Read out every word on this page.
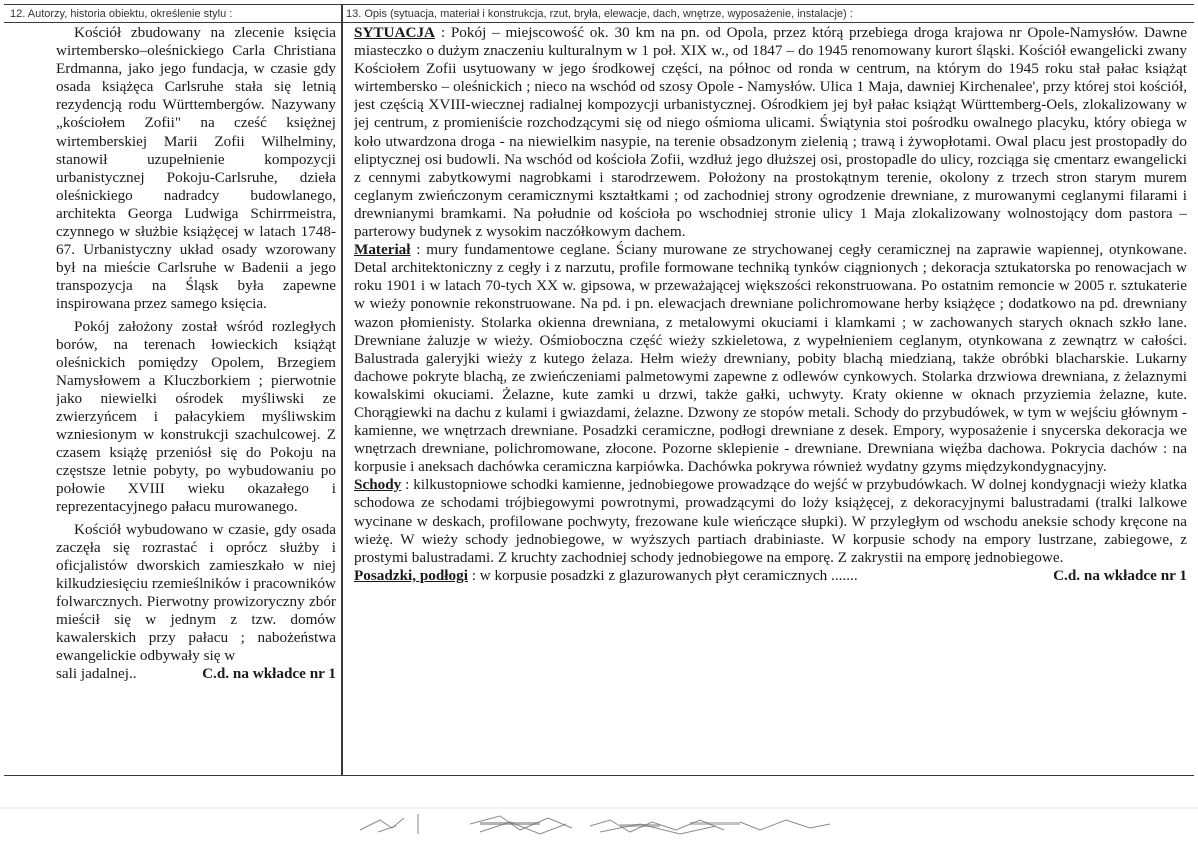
12. Autorzy, historia obiektu, określenie stylu :

Kościół zbudowany na zlecenie księcia wirtembersko–oleśnickiego Carla Christiana Erdmanna, jako jego fundacja, w czasie gdy osada książęca Carlsruhe stała się letnią rezydencją rodu Württembergów. Nazywany „kościołem Zofii" na cześć księżnej wirtemberskiej Marii Zofii Wilhelminy, stanowił uzupełnienie kompozycji urbanistycznej Pokoju-Carlsruhe, dzieła oleśnickiego nadradcy budowlanego, architekta Georga Ludwiga Schirrmeistra, czynnego w służbie książęcej w latach 1748-67. Urbanistyczny układ osady wzorowany był na mieście Carlsruhe w Badenii a jego transpozycja na Śląsk była zapewne inspirowana przez samego księcia.

Pokój założony został wśród rozległych borów, na terenach łowieckich książąt oleśnickich pomiędzy Opolem, Brzegiem Namysłowem a Kluczborkiem ; pierwotnie jako niewielki ośrodek myśliwski ze zwierzyńcem i pałacykiem myśliwskim wzniesionym w konstrukcji szachulcowej. Z czasem książę przeniósł się do Pokoju na częstsze letnie pobyty, po wybudowaniu po połowie XVIII wieku okazałego i reprezentacyjnego pałacu murowanego.

Kościół wybudowano w czasie, gdy osada zaczęła się rozrastać i oprócz służby i oficjalistów dworskich zamieszkało w niej kilkudziesięciu rzemieślników i pracowników folwarcznych. Pierwotny prowizoryczny zbór mieścił się w jednym z tzw. domów kawalerskich przy pałacu ; nabożeństwa ewangelickie odbywały się w

sali jadalnej..	C.d. na wkładce nr 1
13. Opis (sytuacja, materiał i konstrukcja, rzut, bryła, elewacje, dach, wnętrze, wyposażenie, instalacje) :

SYTUACJA : Pokój – miejscowość ok. 30 km na pn. od Opola, przez którą przebiega droga krajowa nr Opole-Namysłów. Dawne miasteczko o dużym znaczeniu kulturalnym w 1 poł. XIX w., od 1847 – do 1945 renomowany kurort śląski. Kościół ewangelicki zwany Kościołem Zofii usytuowany w jego środkowej części, na północ od ronda w centrum, na którym do 1945 roku stał pałac książąt wirtembersko – oleśnickich ; nieco na wschód od szosy Opole - Namysłów. Ulica 1 Maja, dawniej Kirchenalee', przy której stoi kościół, jest częścią XVIII-wiecznej radialnej kompozycji urbanistycznej. Ośrodkiem jej był pałac książąt Württemberg-Oels, zlokalizowany w jej centrum, z promieniście rozchodzącymi się od niego ośmioma ulicami. Świątynia stoi pośrodku owalnego placyku, który obiega w koło utwardzona droga - na niewielkim nasypie, na terenie obsadzonym zielenią ; trawą i żywopłotami. Owal placu jest prostopadły do eliptycznej osi budowli. Na wschód od kościoła Zofii, wzdłuż jego dłuższej osi, prostopadle do ulicy, rozciąga się cmentarz ewangelicki z cennymi zabytkowymi nagrobkami i starodrzewem. Położony na prostokątnym terenie, okolony z trzech stron starym murem ceglanym zwieńczonym ceramicznymi kształtkami ; od zachodniej strony ogrodzenie drewniane, z murowanymi ceglanymi filarami i drewnianymi bramkami. Na południe od kościoła po wschodniej stronie ulicy 1 Maja zlokalizowany wolnostojący dom pastora – parterowy budynek z wysokim naczółkowym dachem.

Materiał : mury fundamentowe ceglane. Ściany murowane ze strychowanej cegły ceramicznej na zaprawie wapiennej, otynkowane. Detal architektoniczny z cegły i z narzutu, profile formowane techniką tynków ciągnionych ; dekoracja sztukatorska po renowacjach w roku 1901 i w latach 70-tych XX w. gipsowa, w przeważającej większości rekonstruowana. Po ostatnim remoncie w 2005 r. sztukaterie w wieży ponownie rekonstruowane. Na pd. i pn. elewacjach drewniane polichromowane herby książęce ; dodatkowo na pd. drewniany wazon płomienisty. Stolarka okienna drewniana, z metalowymi okuciami i klamkami ; w zachowanych starych oknach szkło lane. Drewniane żaluzje w wieży. Ośmioboczna część wieży szkieletowa, z wypełnieniem ceglanym, otynkowana z zewnątrz w całości. Balustrada galeryjki wieży z kutego żelaza. Hełm wieży drewniany, pobity blachą miedzianą, także obróbki blacharskie. Lukarny dachowe pokryte blachą, ze zwieńczeniami palmetowymi zapewne z odlewów cynkowych. Stolarka drzwiowa drewniana, z żelaznymi kowalskimi okuciami. Żelazne, kute zamki u drzwi, także gałki, uchwyty. Kraty okienne w oknach przyziemia żelazne, kute. Chorągiewki na dachu z kulami i gwiazdami, żelazne. Dzwony ze stopów metali. Schody do przybudówek, w tym w wejściu głównym - kamienne, we wnętrzach drewniane. Posadzki ceramiczne, podłogi drewniane z desek. Empory, wyposażenie i snycerska dekoracja we wnętrzach drewniane, polichromowane, złocone. Pozorne sklepienie - drewniane. Drewniana więźba dachowa. Pokrycia dachów : na korpusie i aneksach dachówka ceramiczna karpiówka. Dachówka pokrywa również wydatny gzyms międzykondygnacyjny.

Schody : kilkustopniowe schodki kamienne, jednobiegowe prowadzące do wejść w przybudówkach. W dolnej kondygnacji wieży klatka schodowa ze schodami trójbiegowymi powrotnymi, prowadzącymi do loży książęcej, z dekoracyjnymi balustradami (tralki lalkowe wycinane w deskach, profilowane pochwyty, frezowane kule wieńczące słupki). W przyległym od wschodu aneksie schody kręcone na wieżę. W wieży schody jednobiegowe, w wyższych partiach drabiniaste. W korpusie schody na empory lustrzane, zabiegowe, z prostymi balustradami. Z kruchty zachodniej schody jednobiegowe na emporę. Z zakrystii na emporę jednobiegowe.

Posadzki, podłogi : w korpusie posadzki z glazurowanych płyt ceramicznych .......	C.d. na wkładce nr 1
